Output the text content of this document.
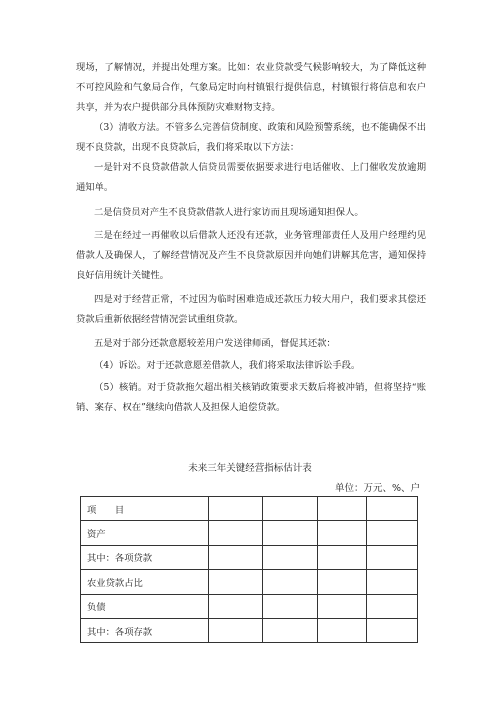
现场，了解情况，并提出处理方案。比如：农业贷款受气候影响较大，为了降低这种不可控风险和气象局合作，气象局定时向村镇银行提供信息，村镇银行将信息和农户共享，并为农户提供部分具体预防灾难财物支持。

（3）清收方法。不管多么完善信贷制度、政策和风险预警系统，也不能确保不出现不良贷款，出现不良贷款后，我们将采取以下方法：

一是针对不良贷款借款人信贷员需要依据要求进行电话催收、上门催收发放逾期通知单。

二是信贷员对产生不良贷款借款人进行家访而且现场通知担保人。

三是在经过一再催收以后借款人还没有还款，业务管理部责任人及用户经理约见借款人及确保人，了解经营情况及产生不良贷款原因并向她们讲解其危害，通知保持良好信用统计关键性。

四是对于经营正常，不过因为临时困难造成还款压力较大用户，我们要求其偿还贷款后重新依据经营情况尝试重组贷款。

五是对于部分还款意愿较差用户发送律师函，督促其还款：

（4）诉讼。对于还款意愿差借款人，我们将采取法律诉讼手段。

（5）核销。对于贷款拖欠超出相关核销政策要求天数后将被冲销，但将坚持“账销、案存、权在”继续向借款人及担保人追偿贷款。

未来三年关键经营指标估计表
单位：万元、%、户
项　　目				
资产				
其中：各项贷款				
农业贷款占比				
负债				
其中：各项存款				
